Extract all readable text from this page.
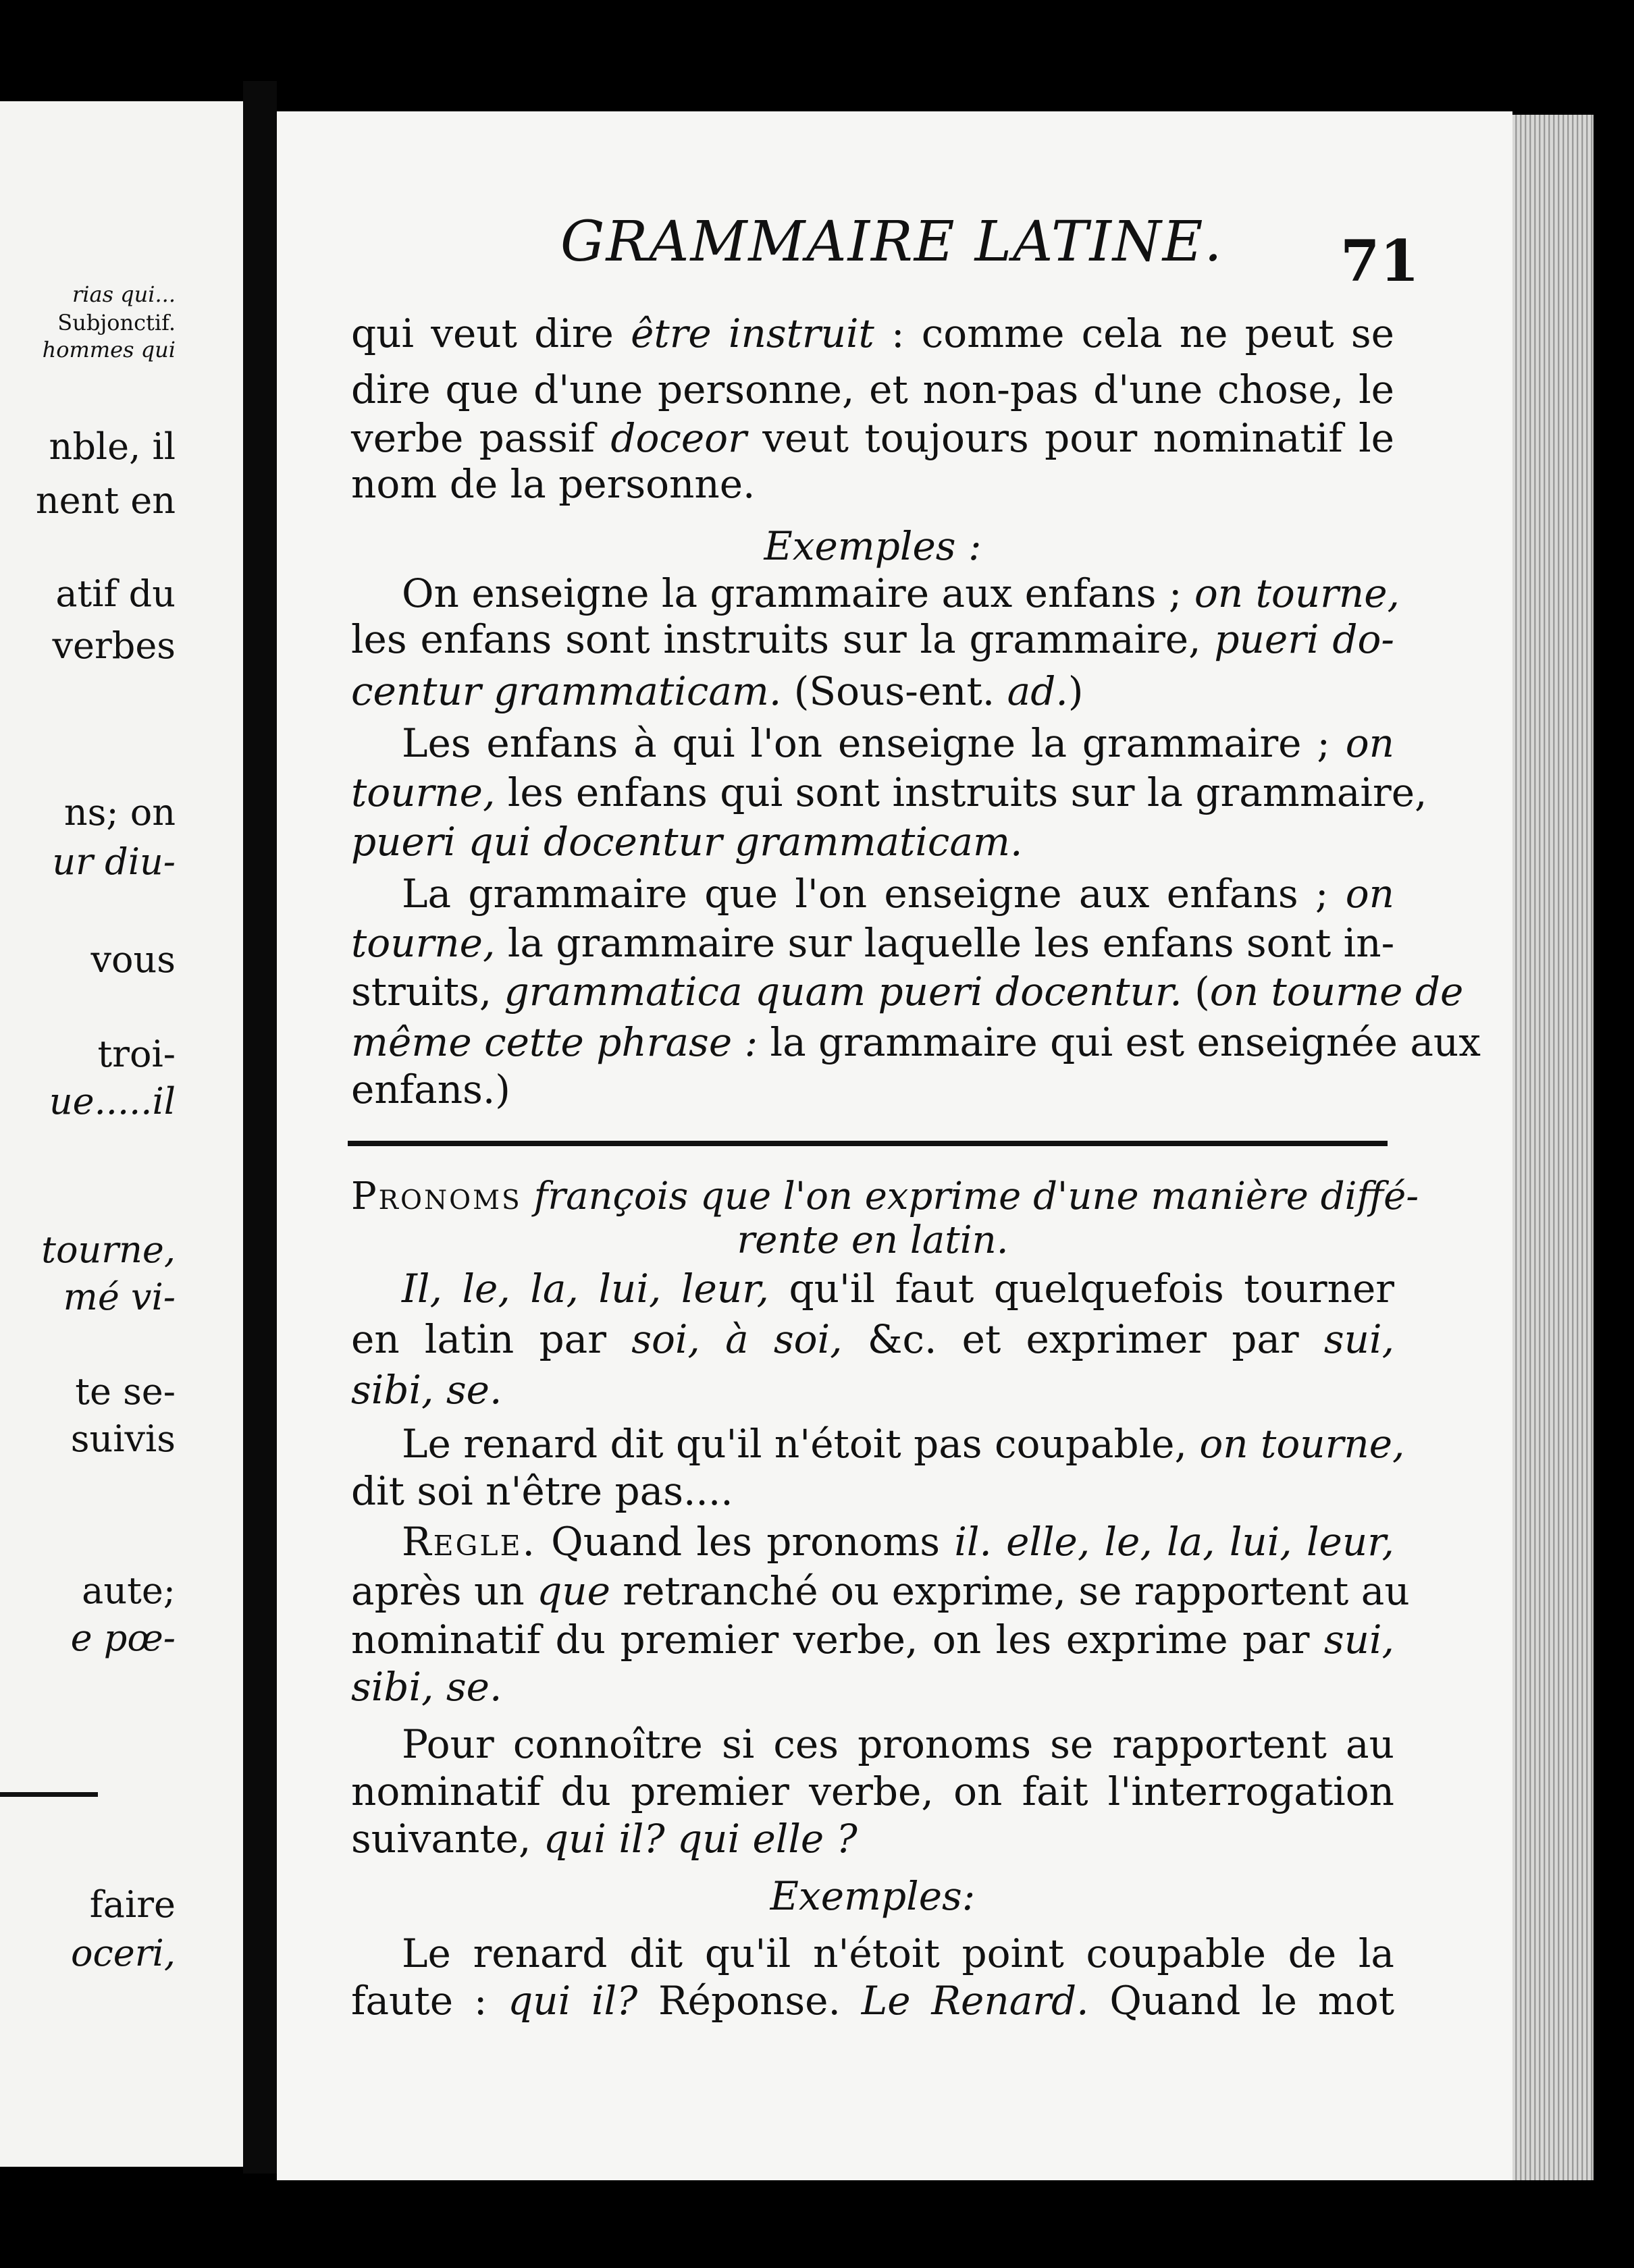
rias qui...
Subjonctif.
hommes qui
nble, il
nent en
atif du
verbes
ns; on
ur diu-
vous
troi-
ue.....il
tourne,
mé vi-
te se-
suivis
aute;
e pœ-
faire
oceri,
GRAMMAIRE LATINE. 71
qui veut dire être instruit : comme cela ne peut se
dire que d'une personne, et non-pas d'une chose, le
verbe passif doceor veut toujours pour nominatif le
nom de la personne.
Exemples :
On enseigne la grammaire aux enfans ; on tourne,
les enfans sont instruits sur la grammaire, pueri do-
centur grammaticam. (Sous-ent. ad.)
Les enfans à qui l'on enseigne la grammaire ; on
tourne, les enfans qui sont instruits sur la grammaire,
pueri qui docentur grammaticam.
La grammaire que l'on enseigne aux enfans ; on
tourne, la grammaire sur laquelle les enfans sont in-
struits, grammatica quam pueri docentur. (on tourne de
même cette phrase : la grammaire qui est enseignée aux
enfans.)
Pronoms françois que l'on exprime d'une manière diffé-
rente en latin.
Il, le, la, lui, leur, qu'il faut quelquefois tourner
en latin par soi, à soi, &c. et exprimer par sui,
sibi, se.
Le renard dit qu'il n'étoit pas coupable, on tourne,
dit soi n'être pas....
Regle. Quand les pronoms il. elle, le, la, lui, leur,
après un que retranché ou exprime, se rapportent au
nominatif du premier verbe, on les exprime par sui,
sibi, se.
Pour connoître si ces pronoms se rapportent au
nominatif du premier verbe, on fait l'interrogation
suivante, qui il? qui elle ?
Exemples:
Le renard dit qu'il n'étoit point coupable de la
faute : qui il? Réponse. Le Renard. Quand le mot
